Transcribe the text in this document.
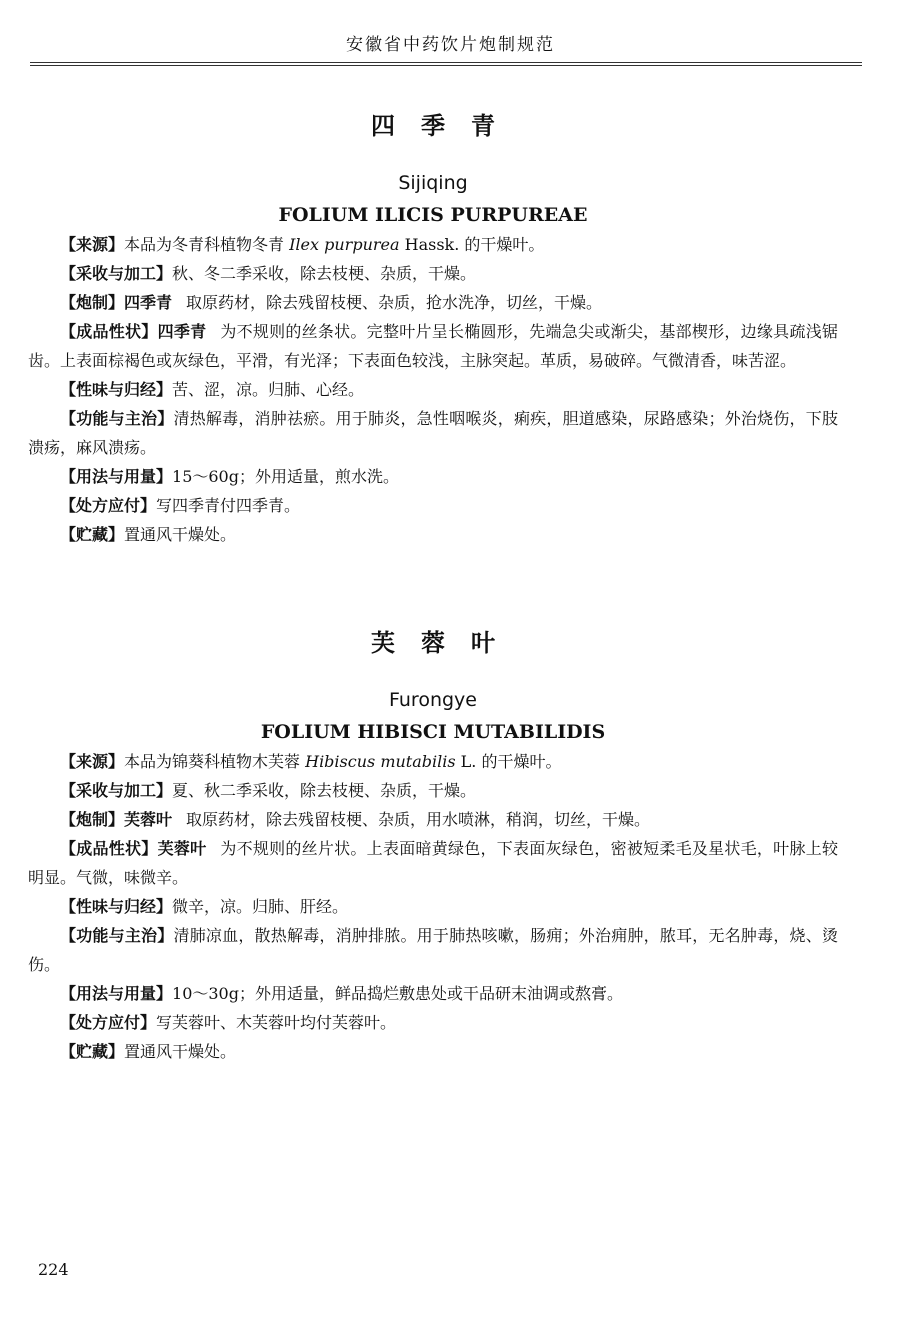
安徽省中药饮片炮制规范
四季青
Sijiqing
FOLIUM ILICIS PURPUREAE

【来源】本品为冬青科植物冬青 Ilex purpurea Hassk. 的干燥叶。

【采收与加工】秋、冬二季采收，除去枝梗、杂质，干燥。

【炮制】四季青 取原药材，除去残留枝梗、杂质，抢水洗净，切丝，干燥。

【成品性状】四季青 为不规则的丝条状。完整叶片呈长椭圆形，先端急尖或渐尖，基部楔形，边缘具疏浅锯齿。上表面棕褐色或灰绿色，平滑，有光泽；下表面色较浅，主脉突起。革质，易破碎。气微清香，味苦涩。

【性味与归经】苦、涩，凉。归肺、心经。

【功能与主治】清热解毒，消肿祛瘀。用于肺炎，急性咽喉炎，痢疾，胆道感染，尿路感染；外治烧伤，下肢溃疡，麻风溃疡。

【用法与用量】15～60g；外用适量，煎水洗。

【处方应付】写四季青付四季青。

【贮藏】置通风干燥处。

芙蓉叶
Furongye
FOLIUM HIBISCI MUTABILIDIS

【来源】本品为锦葵科植物木芙蓉 Hibiscus mutabilis L. 的干燥叶。

【采收与加工】夏、秋二季采收，除去枝梗、杂质，干燥。

【炮制】芙蓉叶 取原药材，除去残留枝梗、杂质，用水喷淋，稍润，切丝，干燥。

【成品性状】芙蓉叶 为不规则的丝片状。上表面暗黄绿色，下表面灰绿色，密被短柔毛及星状毛，叶脉上较明显。气微，味微辛。

【性味与归经】微辛，凉。归肺、肝经。

【功能与主治】清肺凉血，散热解毒，消肿排脓。用于肺热咳嗽，肠痈；外治痈肿，脓耳，无名肿毒，烧、烫伤。

【用法与用量】10～30g；外用适量，鲜品捣烂敷患处或干品研末油调或熬膏。

【处方应付】写芙蓉叶、木芙蓉叶均付芙蓉叶。

【贮藏】置通风干燥处。

224
